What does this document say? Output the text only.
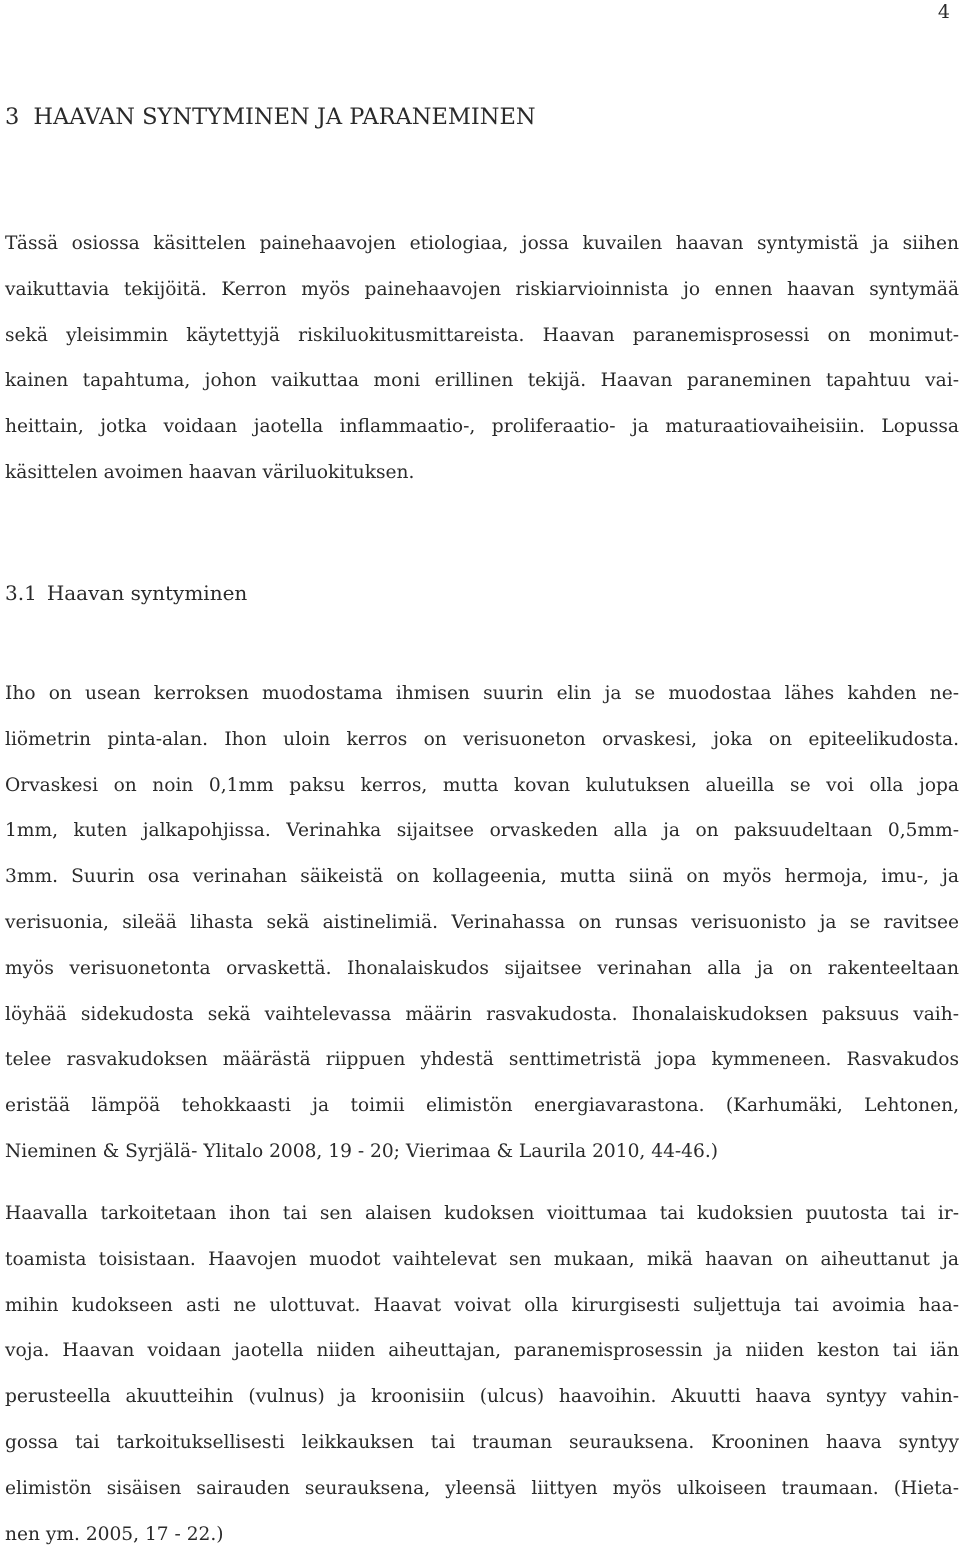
4
3 HAAVAN SYNTYMINEN JA PARANEMINEN
Tässä osiossa käsittelen painehaavojen etiologiaa, jossa kuvailen haavan syntymistä ja siihen
vaikuttavia tekijöitä. Kerron myös painehaavojen riskiarvioinnista jo ennen haavan syntymää
sekä yleisimmin käytettyjä riskiluokitusmittareista. Haavan paranemisprosessi on monimut-
kainen tapahtuma, johon vaikuttaa moni erillinen tekijä. Haavan paraneminen tapahtuu vai-
heittain, jotka voidaan jaotella inflammaatio-, proliferaatio- ja maturaatiovaiheisiin. Lopussa
käsittelen avoimen haavan väriluokituksen.
3.1 Haavan syntyminen
Iho on usean kerroksen muodostama ihmisen suurin elin ja se muodostaa lähes kahden ne-
liömetrin pinta-alan. Ihon uloin kerros on verisuoneton orvaskesi, joka on epiteelikudosta.
Orvaskesi on noin 0,1mm paksu kerros, mutta kovan kulutuksen alueilla se voi olla jopa
1mm, kuten jalkapohjissa. Verinahka sijaitsee orvaskeden alla ja on paksuudeltaan 0,5mm-
3mm. Suurin osa verinahan säikeistä on kollageenia, mutta siinä on myös hermoja, imu-, ja
verisuonia, sileää lihasta sekä aistinelimiä. Verinahassa on runsas verisuonisto ja se ravitsee
myös verisuonetonta orvaskettä. Ihonalaiskudos sijaitsee verinahan alla ja on rakenteeltaan
löyhää sidekudosta sekä vaihtelevassa määrin rasvakudosta. Ihonalaiskudoksen paksuus vaih-
telee rasvakudoksen määrästä riippuen yhdestä senttimetristä jopa kymmeneen. Rasvakudos
eristää lämpöä tehokkaasti ja toimii elimistön energiavarastona. (Karhumäki, Lehtonen,
Nieminen & Syrjälä- Ylitalo 2008, 19 - 20; Vierimaa & Laurila 2010, 44-46.)
Haavalla tarkoitetaan ihon tai sen alaisen kudoksen vioittumaa tai kudoksien puutosta tai ir-
toamista toisistaan. Haavojen muodot vaihtelevat sen mukaan, mikä haavan on aiheuttanut ja
mihin kudokseen asti ne ulottuvat. Haavat voivat olla kirurgisesti suljettuja tai avoimia haa-
voja. Haavan voidaan jaotella niiden aiheuttajan, paranemisprosessin ja niiden keston tai iän
perusteella akuutteihin (vulnus) ja kroonisiin (ulcus) haavoihin. Akuutti haava syntyy vahin-
gossa tai tarkoituksellisesti leikkauksen tai trauman seurauksena. Krooninen haava syntyy
elimistön sisäisen sairauden seurauksena, yleensä liittyen myös ulkoiseen traumaan. (Hieta-
nen ym. 2005, 17 - 22.)
